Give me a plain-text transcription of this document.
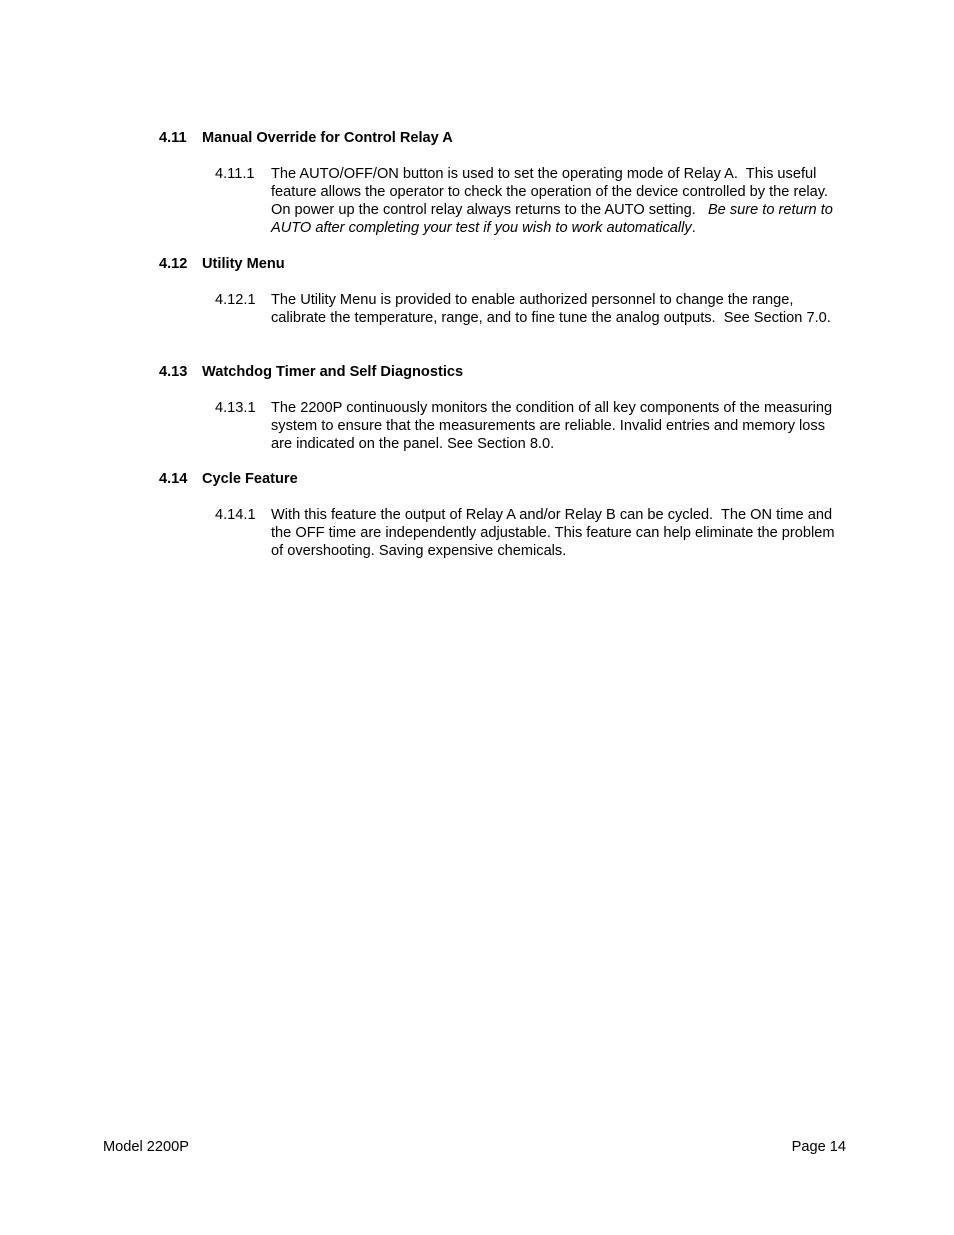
4.11 Manual Override for Control Relay A
4.11.1	The AUTO/OFF/ON button is used to set the operating mode of Relay A.  This useful feature allows the operator to check the operation of the device controlled by the relay.  On power up the control relay always returns to the AUTO setting.   Be sure to return to AUTO after completing your test if you wish to work automatically.
4.12 Utility Menu
4.12.1	The Utility Menu is provided to enable authorized personnel to change the range, calibrate the temperature, range, and to fine tune the analog outputs.  See Section 7.0.
4.13 Watchdog Timer and Self Diagnostics
4.13.1	The 2200P continuously monitors the condition of all key components of the measuring system to ensure that the measurements are reliable. Invalid entries and memory loss are indicated on the panel. See Section 8.0.
4.14 Cycle Feature
4.14.1	With this feature the output of Relay A and/or Relay B can be cycled.  The ON time and the OFF time are independently adjustable. This feature can help eliminate the problem of overshooting. Saving expensive chemicals.
Model 2200P	Page 14
